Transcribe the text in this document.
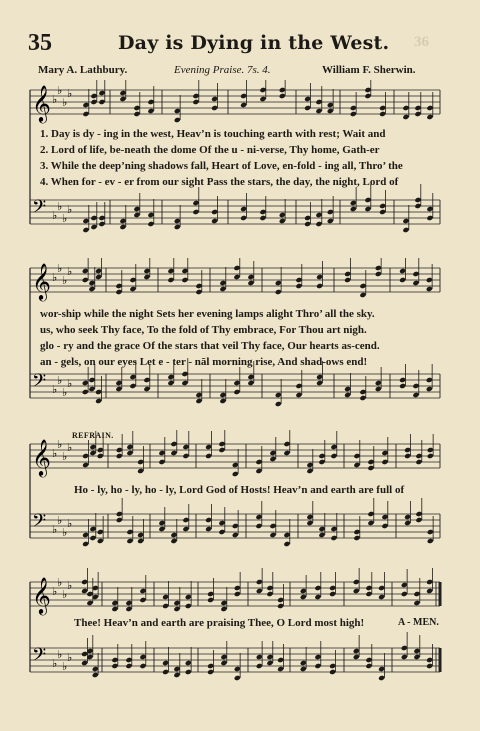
35	Day is Dying in the West.	36
Mary A. Lathbury.	Evening Praise. 7s. 4.	William F. Sherwin.
𝄞 ♭
♭
♭
♭
𝄢 ♭
♭
♭
♭
1. Day is dy - ing in the west, Heav’n is touching earth with rest; Wait and
2. Lord of life, be-neath the dome Of the u - ni-verse, Thy home, Gath-er
3. While the deep’ning shadows fall, Heart of Love, en-fold - ing all, Thro’ the
4. When for - ev - er from our sight Pass the stars, the day, the night, Lord of
𝄞 ♭
♭
♭
♭
𝄢 ♭
♭
♭
♭
wor-ship while the night Sets her evening lamps alight Thro’ all the sky.
us, who seek Thy face, To the fold of Thy embrace, For Thou art nigh.
glo - ry and the grace Of the stars that veil Thy face, Our hearts as-cend.
an - gels, on our eyes Let e - ter - nāl morning rise, And shad-ows end!
REFRAIN.
𝄞 ♭
♭
♭
♭
𝄢 ♭
♭
♭
♭
Ho - ly, ho - ly, ho - ly, Lord God of Hosts! Heav’n and earth are full of
𝄞 ♭
♭
♭
♭
𝄢 ♭
♭
♭
♭
Thee! Heav’n and earth are praising Thee, O Lord most high!	A - MEN.
